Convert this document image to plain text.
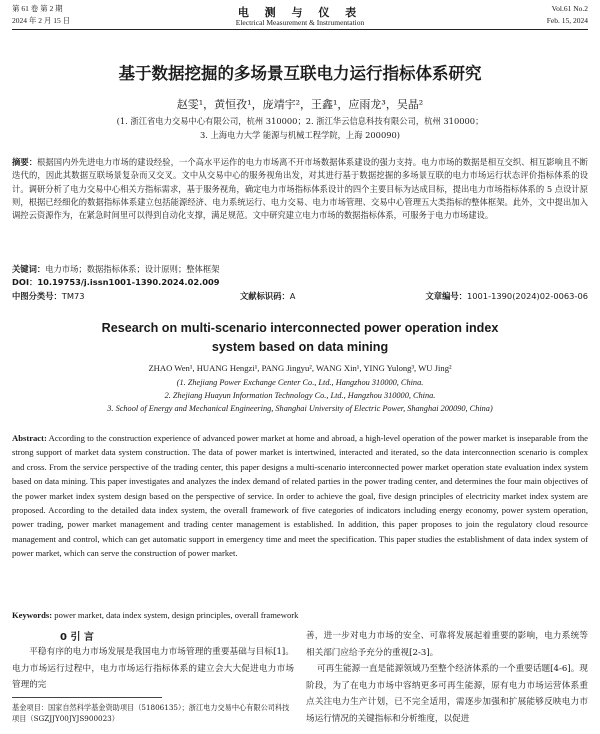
第 61 卷 第 2 期
2024 年 2 月 15 日
电 测 与 仪 表
Electrical Measurement & Instrumentation
Vol.61 No.2
Feb. 15, 2024
基于数据挖掘的多场景互联电力运行指标体系研究
赵雯¹，黄恒孜¹，庞靖宇²，王鑫¹，应雨龙³，吴晶²
(1. 浙江省电力交易中心有限公司，杭州 310000；2. 浙江华云信息科技有限公司，杭州 310000；
3. 上海电力大学 能源与机械工程学院，上海 200090)
摘要：根据国内外先进电力市场的建设经验，一个高水平运作的电力市场离不开市场数据体系建设的强力支持。电力市场的数据是相互交织、相互影响且不断迭代的，因此其数据互联场景复杂而又交叉。文中从交易中心的服务视角出发，对其进行基于数据挖掘的多场景互联的电力市场运行状态评价指标体系的设计。调研分析了电力交易中心相关方指标需求，基于服务视角，确定电力市场指标体系设计的四个主要目标为达成目标，提出电力市场指标体系的 5 点设计原则，根据已经细化的数据指标体系建立包括能源经济、电力系统运行、电力交易、电力市场管理、交易中心管理五大类指标的整体框架。此外，文中提出加入调控云资源作为，在紧急时间里可以得到自动化支撑，满足规范。文中研究建立电力市场的数据指标体系，可服务于电力市场建设。
关键词：电力市场；数据指标体系；设计原则；整体框架
DOI：10.19753/j.issn1001-1390.2024.02.009
中图分类号：TM73	文献标识码：A	文章编号：1001-1390(2024)02-0063-06
Research on multi-scenario interconnected power operation index system based on data mining
ZHAO Wen¹, HUANG Hengzi¹, PANG Jingyu², WANG Xin¹, YING Yulong³, WU Jing²
(1. Zhejiang Power Exchange Center Co., Ltd., Hangzhou 310000, China.
2. Zhejiang Huayun Information Technology Co., Ltd., Hangzhou 310000, China.
3. School of Energy and Mechanical Engineering, Shanghai University of Electric Power, Shanghai 200090, China)
Abstract: According to the construction experience of advanced power market at home and abroad, a high-level operation of the power market is inseparable from the strong support of market data system construction. The data of power market is intertwined, interacted and iterated, so the data interconnection scenario is complex and cross. From the service perspective of the trading center, this paper designs a multi-scenario interconnected power market operation state evaluation index system based on data mining. This paper investigates and analyzes the index demand of related parties in the power trading center, and determines the four main objectives of the power market index system design based on the perspective of service. In order to achieve the goal, five design principles of electricity market index system are proposed. According to the detailed data index system, the overall framework of five categories of indicators including energy economy, power system operation, power trading, power market management and trading center management is established. In addition, this paper proposes to join the regulatory cloud resource management and control, which can get automatic support in emergency time and meet the specification. This paper studies the establishment of data index system of power market, which can serve the construction of power market.
Keywords: power market, data index system, design principles, overall framework
0 引 言
平稳有序的电力市场发展是我国电力市场管理的重要基础与目标[1]。电力市场运行过程中，电力市场运行指标体系的建立会大大促进电力市场管理的完
善，进一步对电力市场的安全、可靠将发展起着重要的影响，电力系统等相关部门应给予充分的重视[2-3]。
可再生能源一直是能源领域乃至整个经济体系的一个重要话题[4-6]。现阶段，为了在电力市场中容纳更多可再生能源，原有电力市场运营体系重点关注电力生产计划，已不完全适用，需逐步加强和扩展能够反映电力市场运行情况的关键指标和分析维度，以促进
基金项目：国家自然科学基金资助项目（51806135）；浙江电力交易中心有限公司科技项目（SGZJJY00JYJS900023）
